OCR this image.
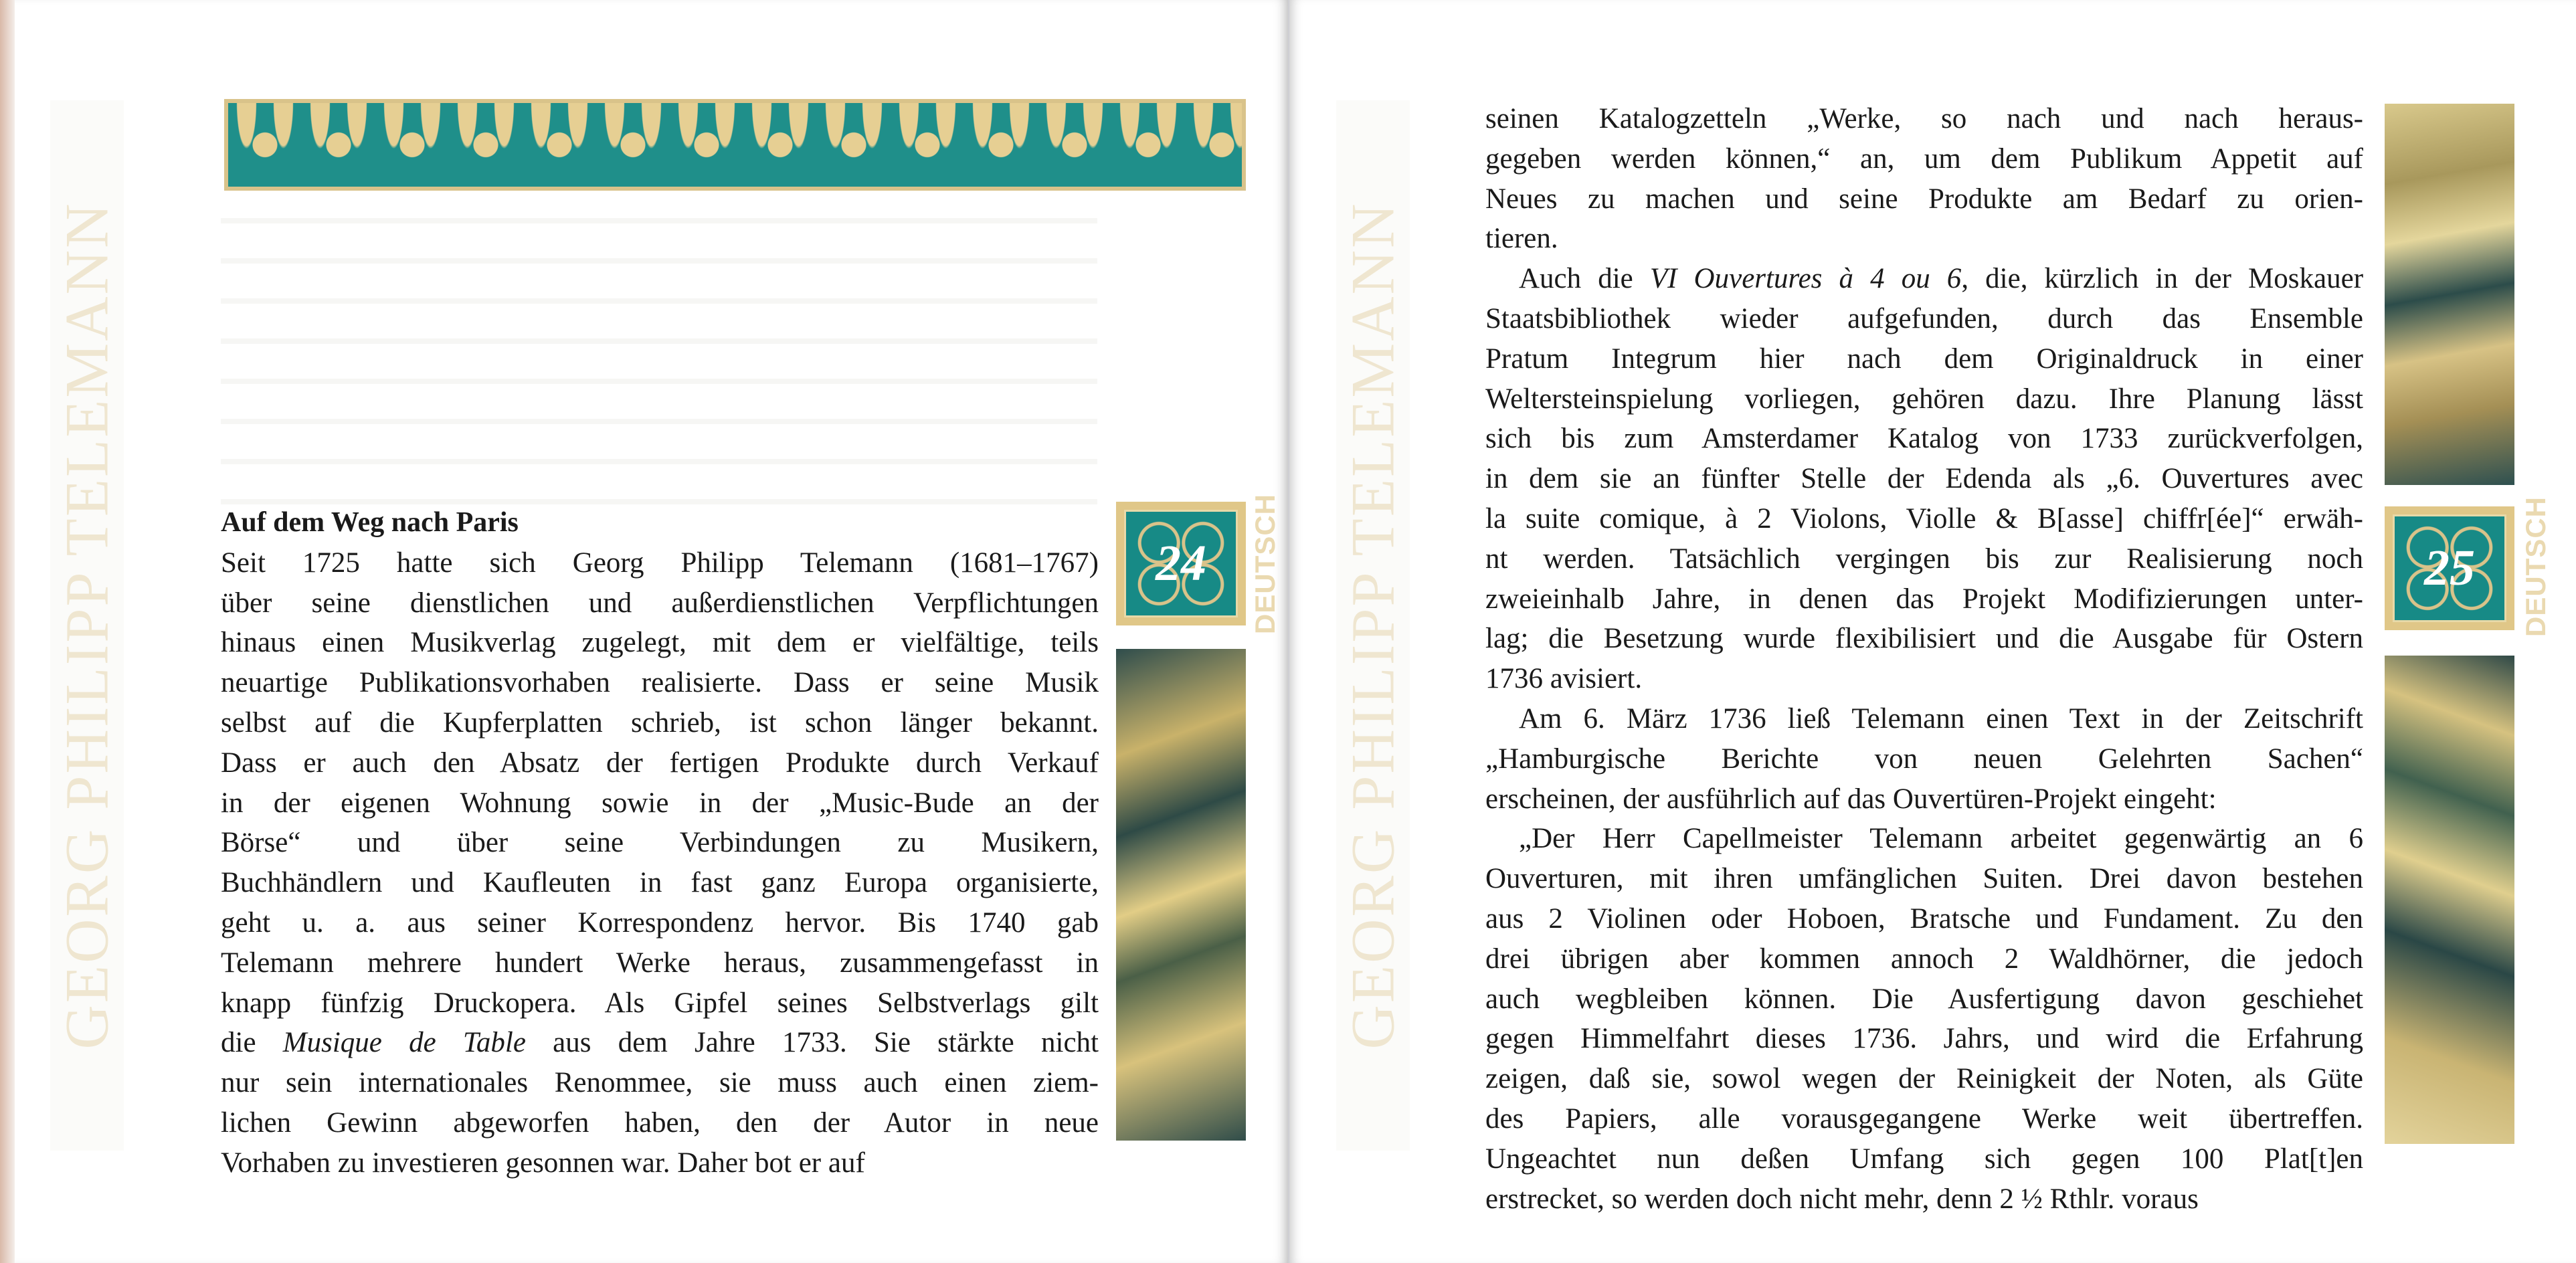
GEORG PHILIPP TELEMANN	24 DEUTSCH
Auf dem Weg nach Paris
Seit 1725 hatte sich Georg Philipp Telemann (1681–1767)
über seine dienstlichen und außerdienstlichen Verpflichtungen
hinaus einen Musikverlag zugelegt, mit dem er vielfältige, teils
neuartige Publikationsvorhaben realisierte. Dass er seine Musik
selbst auf die Kupferplatten schrieb, ist schon länger bekannt.
Dass er auch den Absatz der fertigen Produkte durch Verkauf
in der eigenen Wohnung sowie in der „Music-Bude an der
Börse“ und über seine Verbindungen zu Musikern,
Buchhändlern und Kaufleuten in fast ganz Europa organisierte,
geht u. a. aus seiner Korrespondenz hervor. Bis 1740 gab
Telemann mehrere hundert Werke heraus, zusammengefasst in
knapp fünfzig Druckopera. Als Gipfel seines Selbstverlags gilt
die Musique de Table aus dem Jahre 1733. Sie stärkte nicht
nur sein internationales Renommee, sie muss auch einen ziem-
lichen Gewinn abgeworfen haben, den der Autor in neue
Vorhaben zu investieren gesonnen war. Daher bot er auf
GEORG PHILIPP TELEMANN	25 DEUTSCH
seinen Katalogzetteln „Werke, so nach und nach heraus-
gegeben werden können,“ an, um dem Publikum Appetit auf
Neues zu machen und seine Produkte am Bedarf zu orien-
tieren.
Auch die VI Ouvertures à 4 ou 6, die, kürzlich in der Moskauer
Staatsbibliothek wieder aufgefunden, durch das Ensemble
Pratum Integrum hier nach dem Originaldruck in einer
Weltersteinspielung vorliegen, gehören dazu. Ihre Planung lässt
sich bis zum Amsterdamer Katalog von 1733 zurückverfolgen,
in dem sie an fünfter Stelle der Edenda als „6. Ouvertures avec
la suite comique, à 2 Violons, Violle & B[asse] chiffr[ée]“ erwäh-
nt werden. Tatsächlich vergingen bis zur Realisierung noch
zweieinhalb Jahre, in denen das Projekt Modifizierungen unter-
lag; die Besetzung wurde flexibilisiert und die Ausgabe für Ostern
1736 avisiert.
Am 6. März 1736 ließ Telemann einen Text in der Zeitschrift
„Hamburgische Berichte von neuen Gelehrten Sachen“
erscheinen, der ausführlich auf das Ouvertüren-Projekt eingeht:
„Der Herr Capellmeister Telemann arbeitet gegenwärtig an 6
Ouverturen, mit ihren umfänglichen Suiten. Drei davon bestehen
aus 2 Violinen oder Hoboen, Bratsche und Fundament. Zu den
drei übrigen aber kommen annoch 2 Waldhörner, die jedoch
auch wegbleiben können. Die Ausfertigung davon geschiehet
gegen Himmelfahrt dieses 1736. Jahrs, und wird die Erfahrung
zeigen, daß sie, sowol wegen der Reinigkeit der Noten, als Güte
des Papiers, alle vorausgegangene Werke weit übertreffen.
Ungeachtet nun deßen Umfang sich gegen 100 Plat[t]en
erstrecket, so werden doch nicht mehr, denn 2 ½ Rthlr. voraus
